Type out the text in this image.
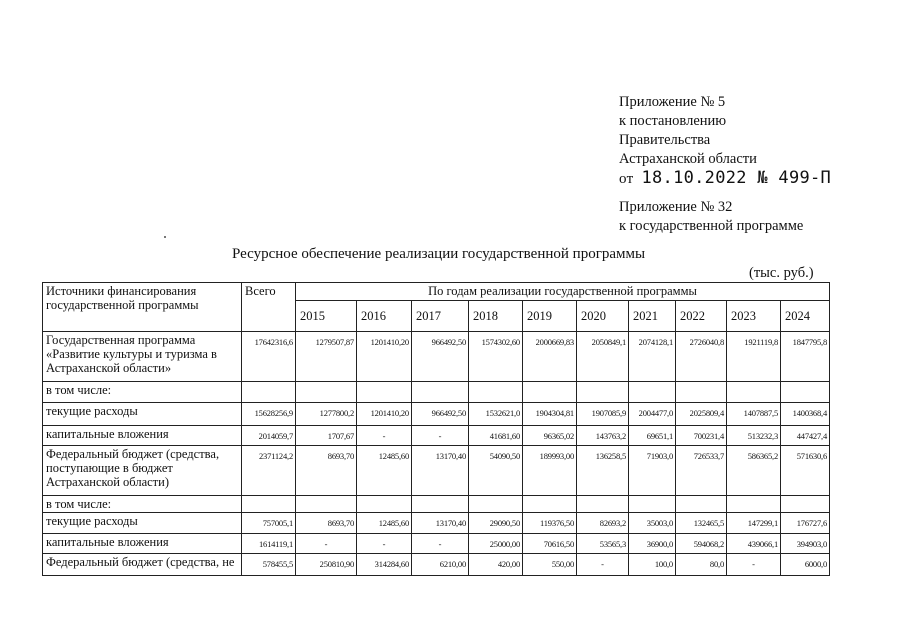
Приложение № 5
к постановлению
Правительства
Астраханской области
от 18.10.2022 № 499-П
Приложение № 32
к государственной программе
Ресурсное обеспечение реализации государственной программы
(тыс. руб.)
Источники финансирования государственной программы	Всего	По годам реализации государственной программы									
		2015	2016	2017	2018	2019	2020	2021	2022	2023	2024
Государственная программа «Развитие культуры и туризма в Астраханской области»	17642316,6	1279507,87	1201410,20	966492,50	1574302,60	2000669,83	2050849,1	2074128,1	2726040,8	1921119,8	1847795,8
в том числе:											
текущие расходы	15628256,9	1277800,2	1201410,20	966492,50	1532621,0	1904304,81	1907085,9	2004477,0	2025809,4	1407887,5	1400368,4
капитальные вложения	2014059,7	1707,67	-	-	41681,60	96365,02	143763,2	69651,1	700231,4	513232,3	447427,4
Федеральный бюджет (средства, поступающие в бюджет Астраханской области)	2371124,2	8693,70	12485,60	13170,40	54090,50	189993,00	136258,5	71903,0	726533,7	586365,2	571630,6
в том числе:											
текущие расходы	757005,1	8693,70	12485,60	13170,40	29090,50	119376,50	82693,2	35003,0	132465,5	147299,1	176727,6
капитальные вложения	1614119,1	-	-	-	25000,00	70616,50	53565,3	36900,0	594068,2	439066,1	394903,0
Федеральный бюджет (средства, не	578455,5	250810,90	314284,60	6210,00	420,00	550,00	-	100,0	80,0	-	6000,0
